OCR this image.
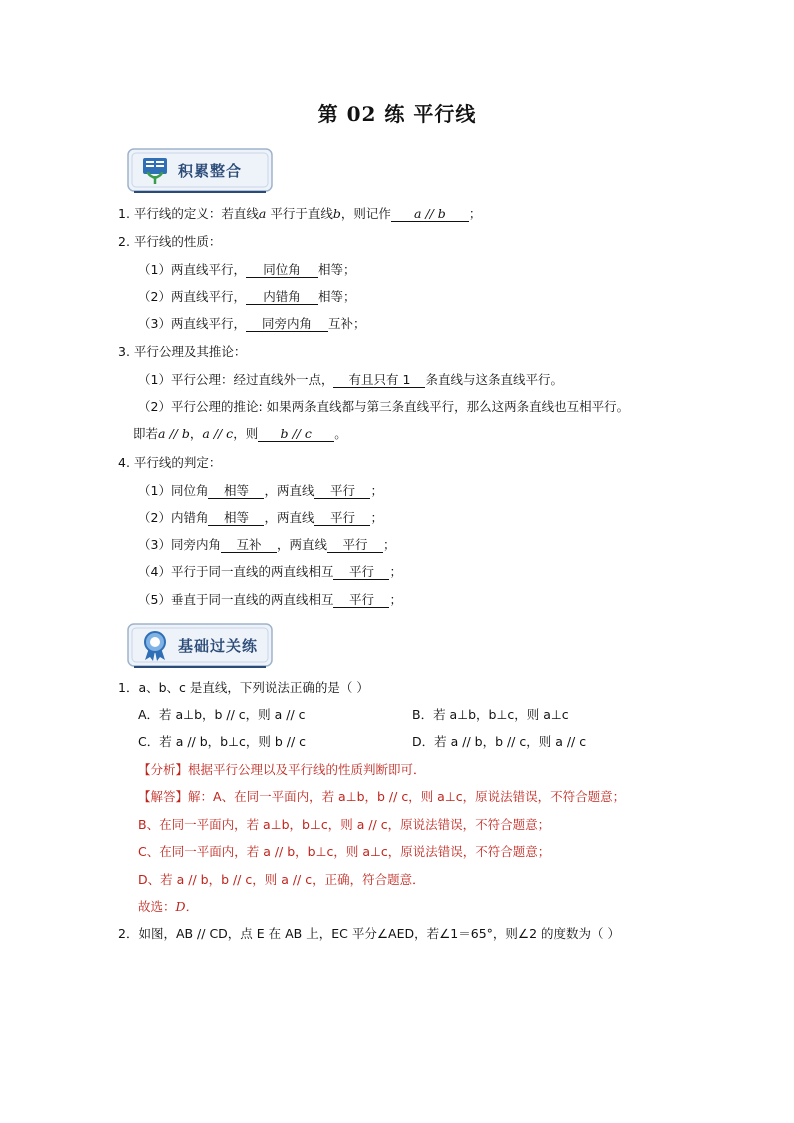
第 02 练 平行线
积累整合
1. 平行线的定义：若直线a 平行于直线b，则记作 a // b ；
2. 平行线的性质：
（1）两直线平行， 同位角 相等；
（2）两直线平行， 内错角 相等；
（3）两直线平行， 同旁内角 互补；
3. 平行公理及其推论：
（1）平行公理：经过直线外一点， 有且只有 1 条直线与这条直线平行。
（2）平行公理的推论: 如果两条直线都与第三条直线平行，那么这两条直线也互相平行。
即若a // b，a // c，则 b // c 。
4. 平行线的判定：
（1）同位角 相等 ，两直线 平行 ；
（2）内错角 相等 ，两直线 平行 ；
（3）同旁内角 互补 ，两直线 平行 ；
（4）平行于同一直线的两直线相互 平行 ；
（5）垂直于同一直线的两直线相互 平行 ；
基础过关练
1．a、b、c 是直线，下列说法正确的是（ ）
A．若 a⊥b，b // c，则 a // c	B．若 a⊥b，b⊥c，则 a⊥c
C．若 a // b，b⊥c，则 b // c	D．若 a // b，b // c，则 a // c
【分析】根据平行公理以及平行线的性质判断即可．
【解答】解：A、在同一平面内，若 a⊥b，b // c，则 a⊥c，原说法错误，不符合题意；
B、在同一平面内，若 a⊥b，b⊥c，则 a // c，原说法错误，不符合题意；
C、在同一平面内，若 a // b，b⊥c，则 a⊥c，原说法错误，不符合题意；
D、若 a // b，b // c，则 a // c，正确，符合题意．
故选：D．
2．如图，AB // CD，点 E 在 AB 上，EC 平分∠AED，若∠1＝65°，则∠2 的度数为（ ）
